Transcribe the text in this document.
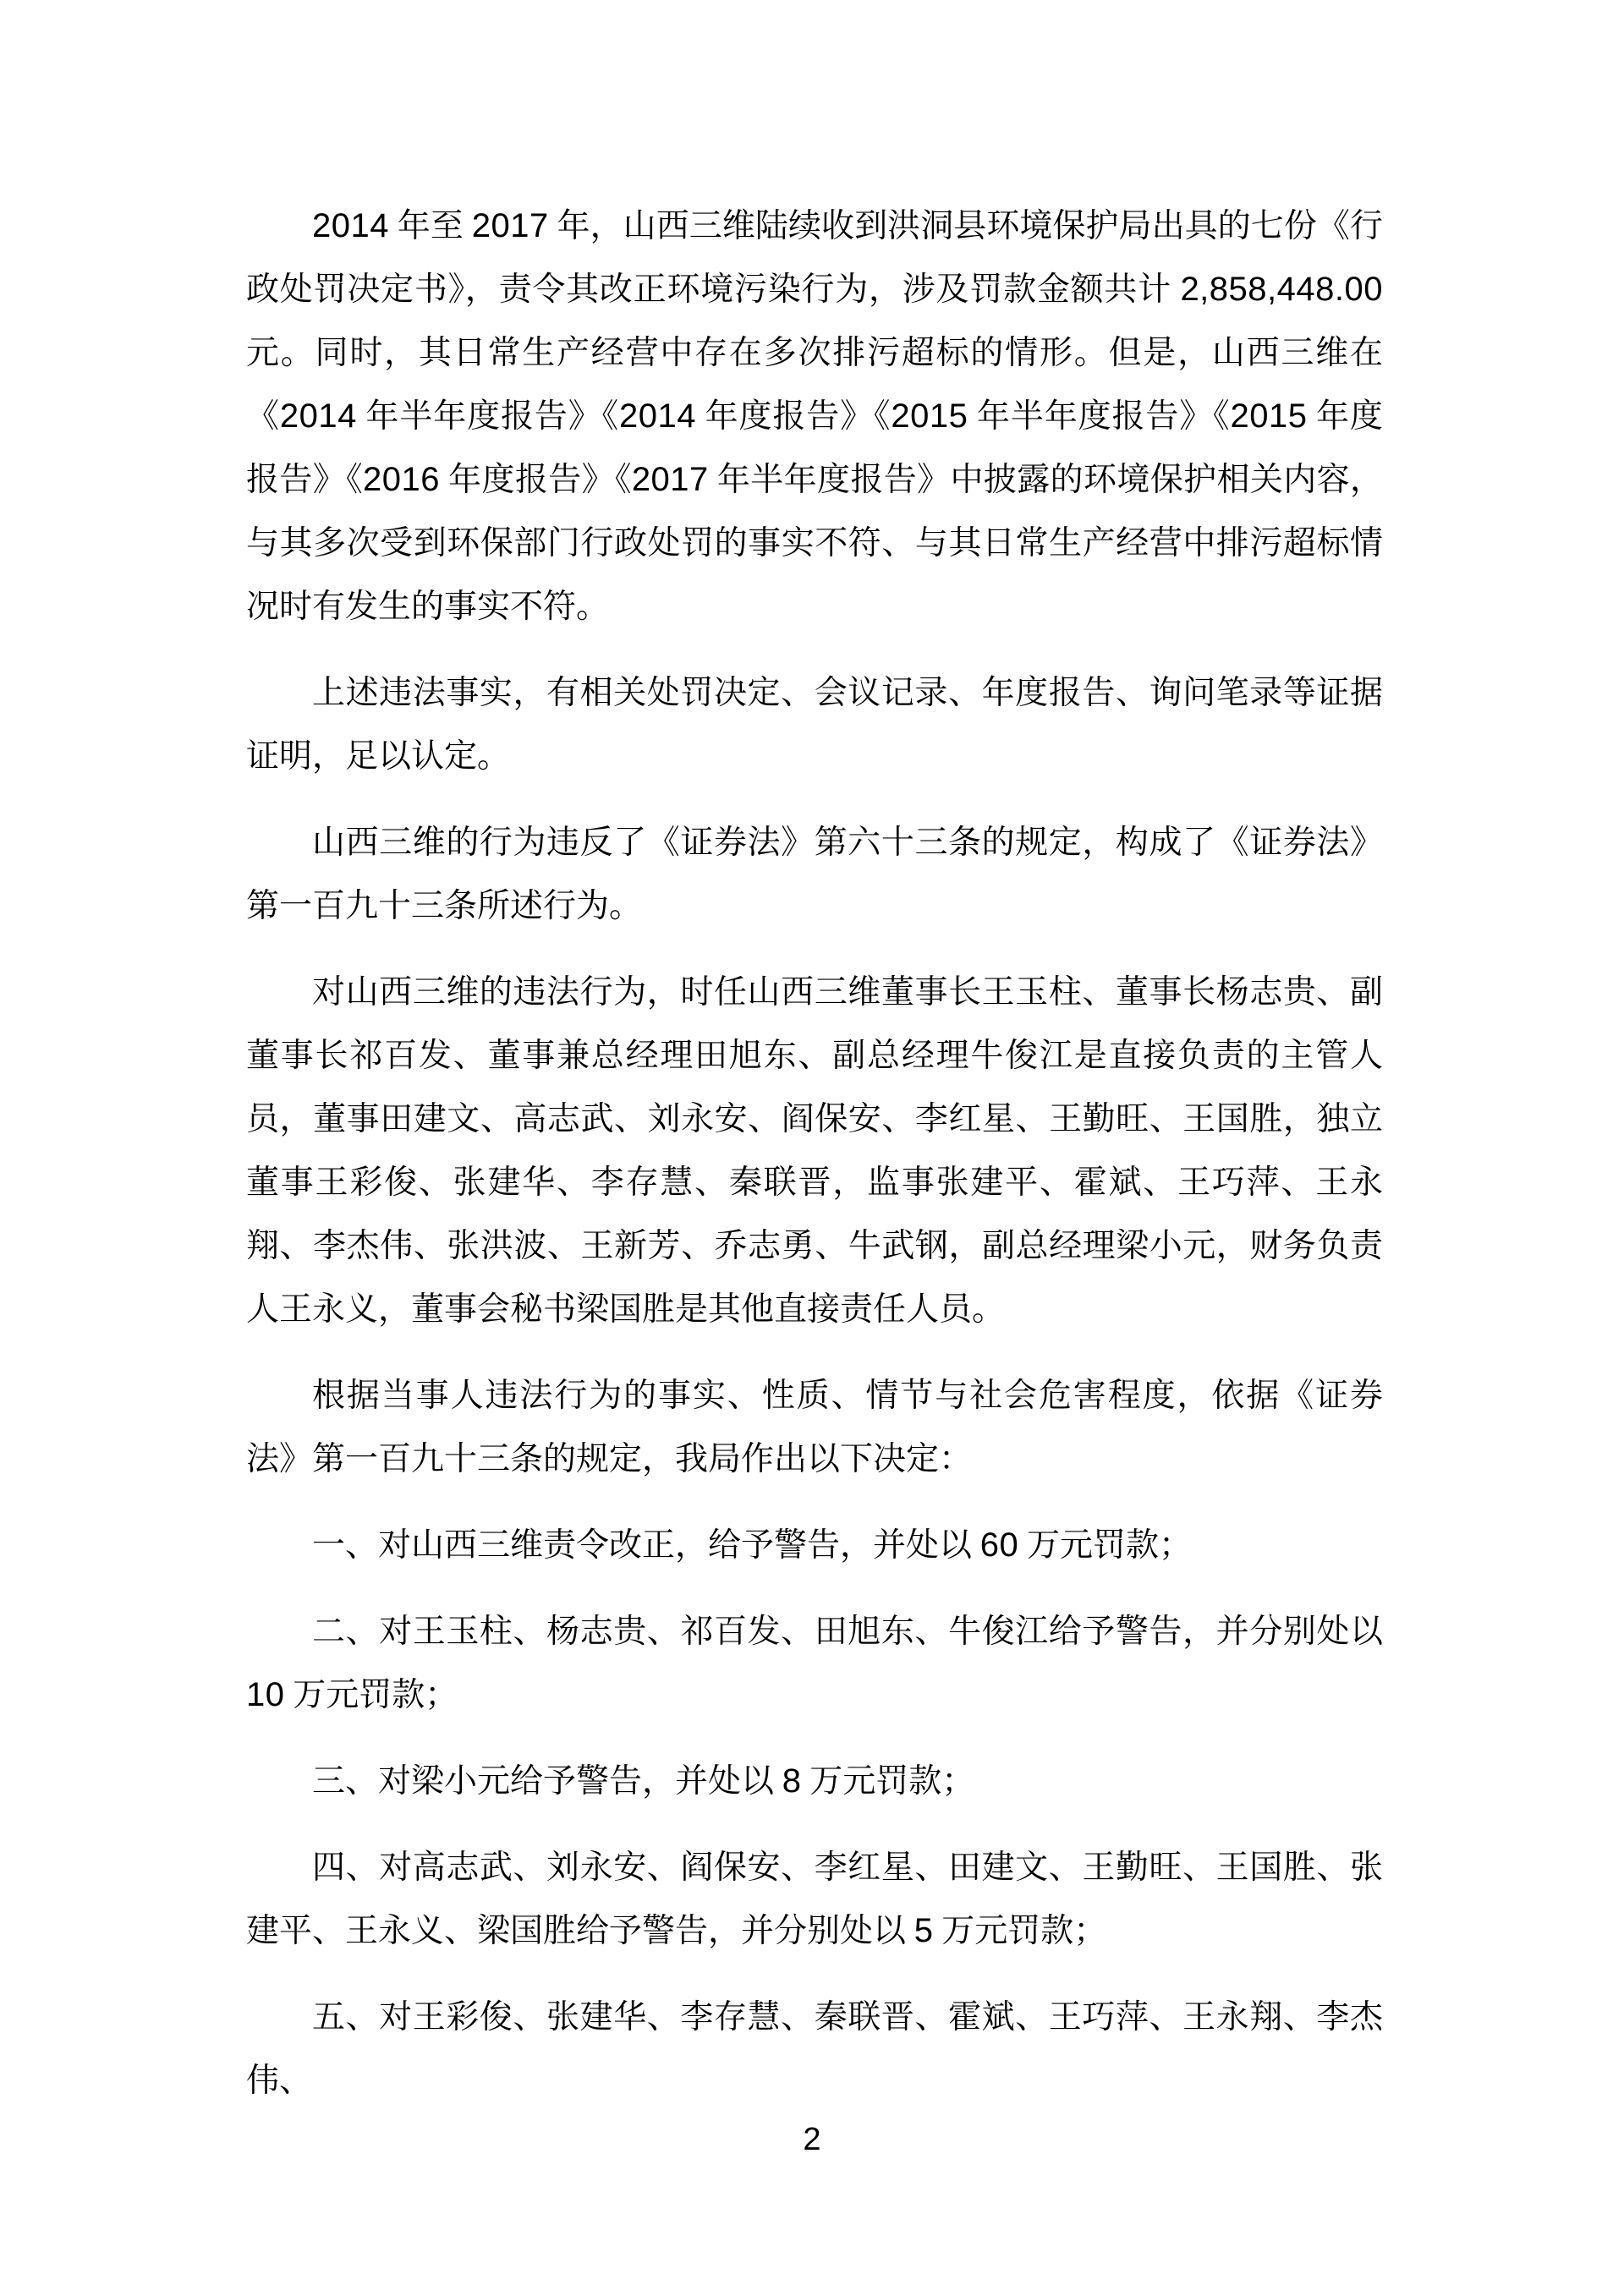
2014 年至 2017 年，山西三维陆续收到洪洞县环境保护局出具的七份《行政处罚决定书》，责令其改正环境污染行为，涉及罚款金额共计 2,858,448.00 元。同时，其日常生产经营中存在多次排污超标的情形。但是，山西三维在《2014 年半年度报告》《2014 年度报告》《2015 年半年度报告》《2015 年度报告》《2016 年度报告》《2017 年半年度报告》中披露的环境保护相关内容，与其多次受到环保部门行政处罚的事实不符、与其日常生产经营中排污超标情况时有发生的事实不符。

上述违法事实，有相关处罚决定、会议记录、年度报告、询问笔录等证据证明，足以认定。

山西三维的行为违反了《证券法》第六十三条的规定，构成了《证券法》第一百九十三条所述行为。

对山西三维的违法行为，时任山西三维董事长王玉柱、董事长杨志贵、副董事长祁百发、董事兼总经理田旭东、副总经理牛俊江是直接负责的主管人员，董事田建文、高志武、刘永安、阎保安、李红星、王勤旺、王国胜，独立董事王彩俊、张建华、李存慧、秦联晋，监事张建平、霍斌、王巧萍、王永翔、李杰伟、张洪波、王新芳、乔志勇、牛武钢，副总经理梁小元，财务负责人王永义，董事会秘书梁国胜是其他直接责任人员。

根据当事人违法行为的事实、性质、情节与社会危害程度，依据《证券法》第一百九十三条的规定，我局作出以下决定：

一、对山西三维责令改正，给予警告，并处以 60 万元罚款；

二、对王玉柱、杨志贵、祁百发、田旭东、牛俊江给予警告，并分别处以 10 万元罚款；

三、对梁小元给予警告，并处以 8 万元罚款；

四、对高志武、刘永安、阎保安、李红星、田建文、王勤旺、王国胜、张建平、王永义、梁国胜给予警告，并分别处以 5 万元罚款；

五、对王彩俊、张建华、李存慧、秦联晋、霍斌、王巧萍、王永翔、李杰伟、

2
